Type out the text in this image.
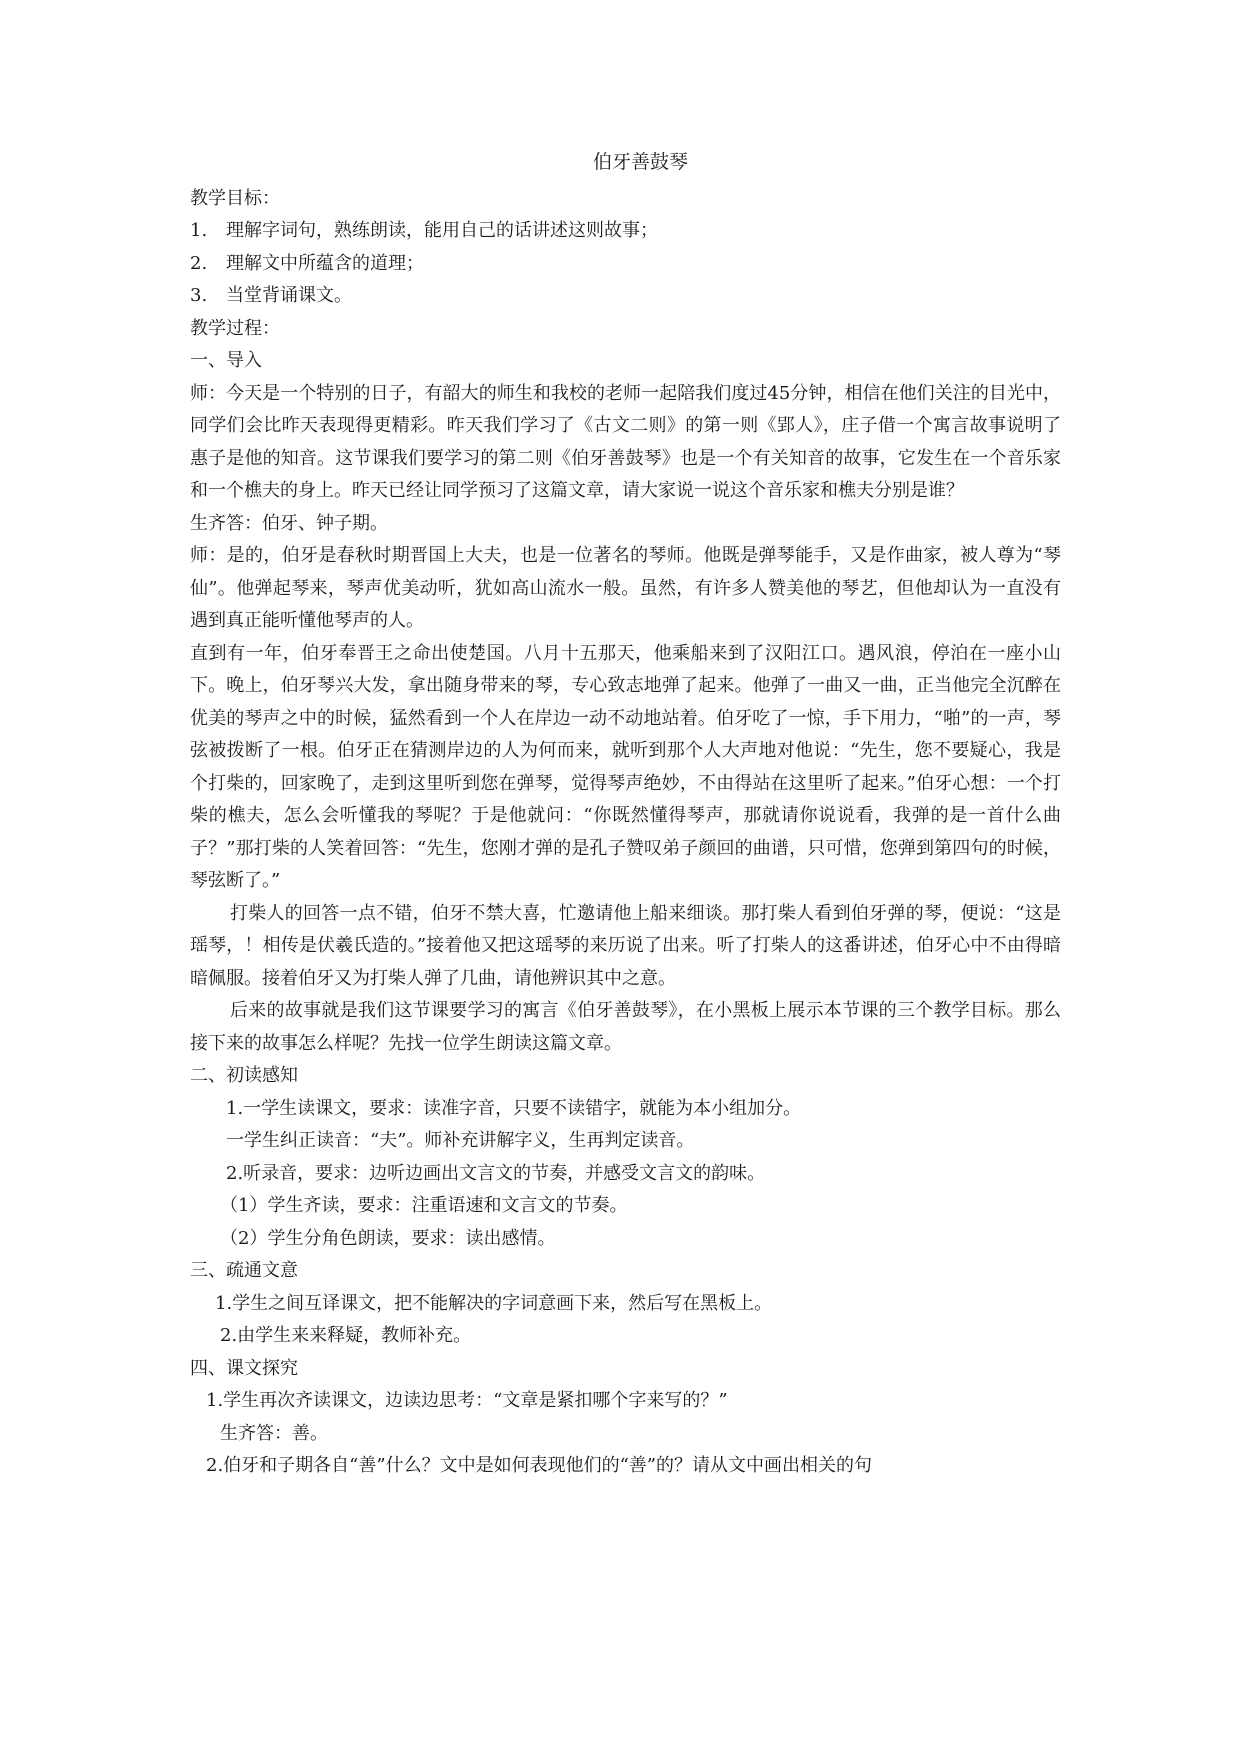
伯牙善鼓琴

教学目标：

1. 理解字词句，熟练朗读，能用自己的话讲述这则故事；

2. 理解文中所蕴含的道理；

3. 当堂背诵课文。

教学过程：

一、导入

师：今天是一个特别的日子，有韶大的师生和我校的老师一起陪我们度过45分钟，相信在他们关注的目光中，同学们会比昨天表现得更精彩。昨天我们学习了《古文二则》的第一则《郢人》，庄子借一个寓言故事说明了惠子是他的知音。这节课我们要学习的第二则《伯牙善鼓琴》也是一个有关知音的故事，它发生在一个音乐家和一个樵夫的身上。昨天已经让同学预习了这篇文章，请大家说一说这个音乐家和樵夫分别是谁？

生齐答：伯牙、钟子期。

师：是的，伯牙是春秋时期晋国上大夫，也是一位著名的琴师。他既是弹琴能手，又是作曲家，被人尊为“琴仙”。他弹起琴来，琴声优美动听，犹如高山流水一般。虽然，有许多人赞美他的琴艺，但他却认为一直没有遇到真正能听懂他琴声的人。

直到有一年，伯牙奉晋王之命出使楚国。八月十五那天，他乘船来到了汉阳江口。遇风浪，停泊在一座小山下。晚上，伯牙琴兴大发，拿出随身带来的琴，专心致志地弹了起来。他弹了一曲又一曲，正当他完全沉醉在优美的琴声之中的时候，猛然看到一个人在岸边一动不动地站着。伯牙吃了一惊，手下用力，“啪”的一声，琴弦被拨断了一根。伯牙正在猜测岸边的人为何而来，就听到那个人大声地对他说：“先生，您不要疑心，我是个打柴的，回家晚了，走到这里听到您在弹琴，觉得琴声绝妙，不由得站在这里听了起来。”伯牙心想：一个打柴的樵夫，怎么会听懂我的琴呢？于是他就问：“你既然懂得琴声，那就请你说说看，我弹的是一首什么曲子？”那打柴的人笑着回答：“先生，您刚才弹的是孔子赞叹弟子颜回的曲谱，只可惜，您弹到第四句的时候，琴弦断了。”

打柴人的回答一点不错，伯牙不禁大喜，忙邀请他上船来细谈。那打柴人看到伯牙弹的琴，便说：“这是瑶琴，！相传是伏羲氏造的。”接着他又把这瑶琴的来历说了出来。听了打柴人的这番讲述，伯牙心中不由得暗暗佩服。接着伯牙又为打柴人弹了几曲，请他辨识其中之意。

后来的故事就是我们这节课要学习的寓言《伯牙善鼓琴》，在小黑板上展示本节课的三个教学目标。那么接下来的故事怎么样呢？先找一位学生朗读这篇文章。

二、初读感知

1.一学生读课文，要求：读准字音，只要不读错字，就能为本小组加分。

一学生纠正读音：“夫”。师补充讲解字义，生再判定读音。

2.听录音，要求：边听边画出文言文的节奏，并感受文言文的韵味。

（1）学生齐读，要求：注重语速和文言文的节奏。

（2）学生分角色朗读，要求：读出感情。

三、疏通文意

1.学生之间互译课文，把不能解决的字词意画下来，然后写在黑板上。

2.由学生来来释疑，教师补充。

四、课文探究

1.学生再次齐读课文，边读边思考：“文章是紧扣哪个字来写的？”

生齐答：善。

2.伯牙和子期各自“善”什么？文中是如何表现他们的“善”的？请从文中画出相关的句
